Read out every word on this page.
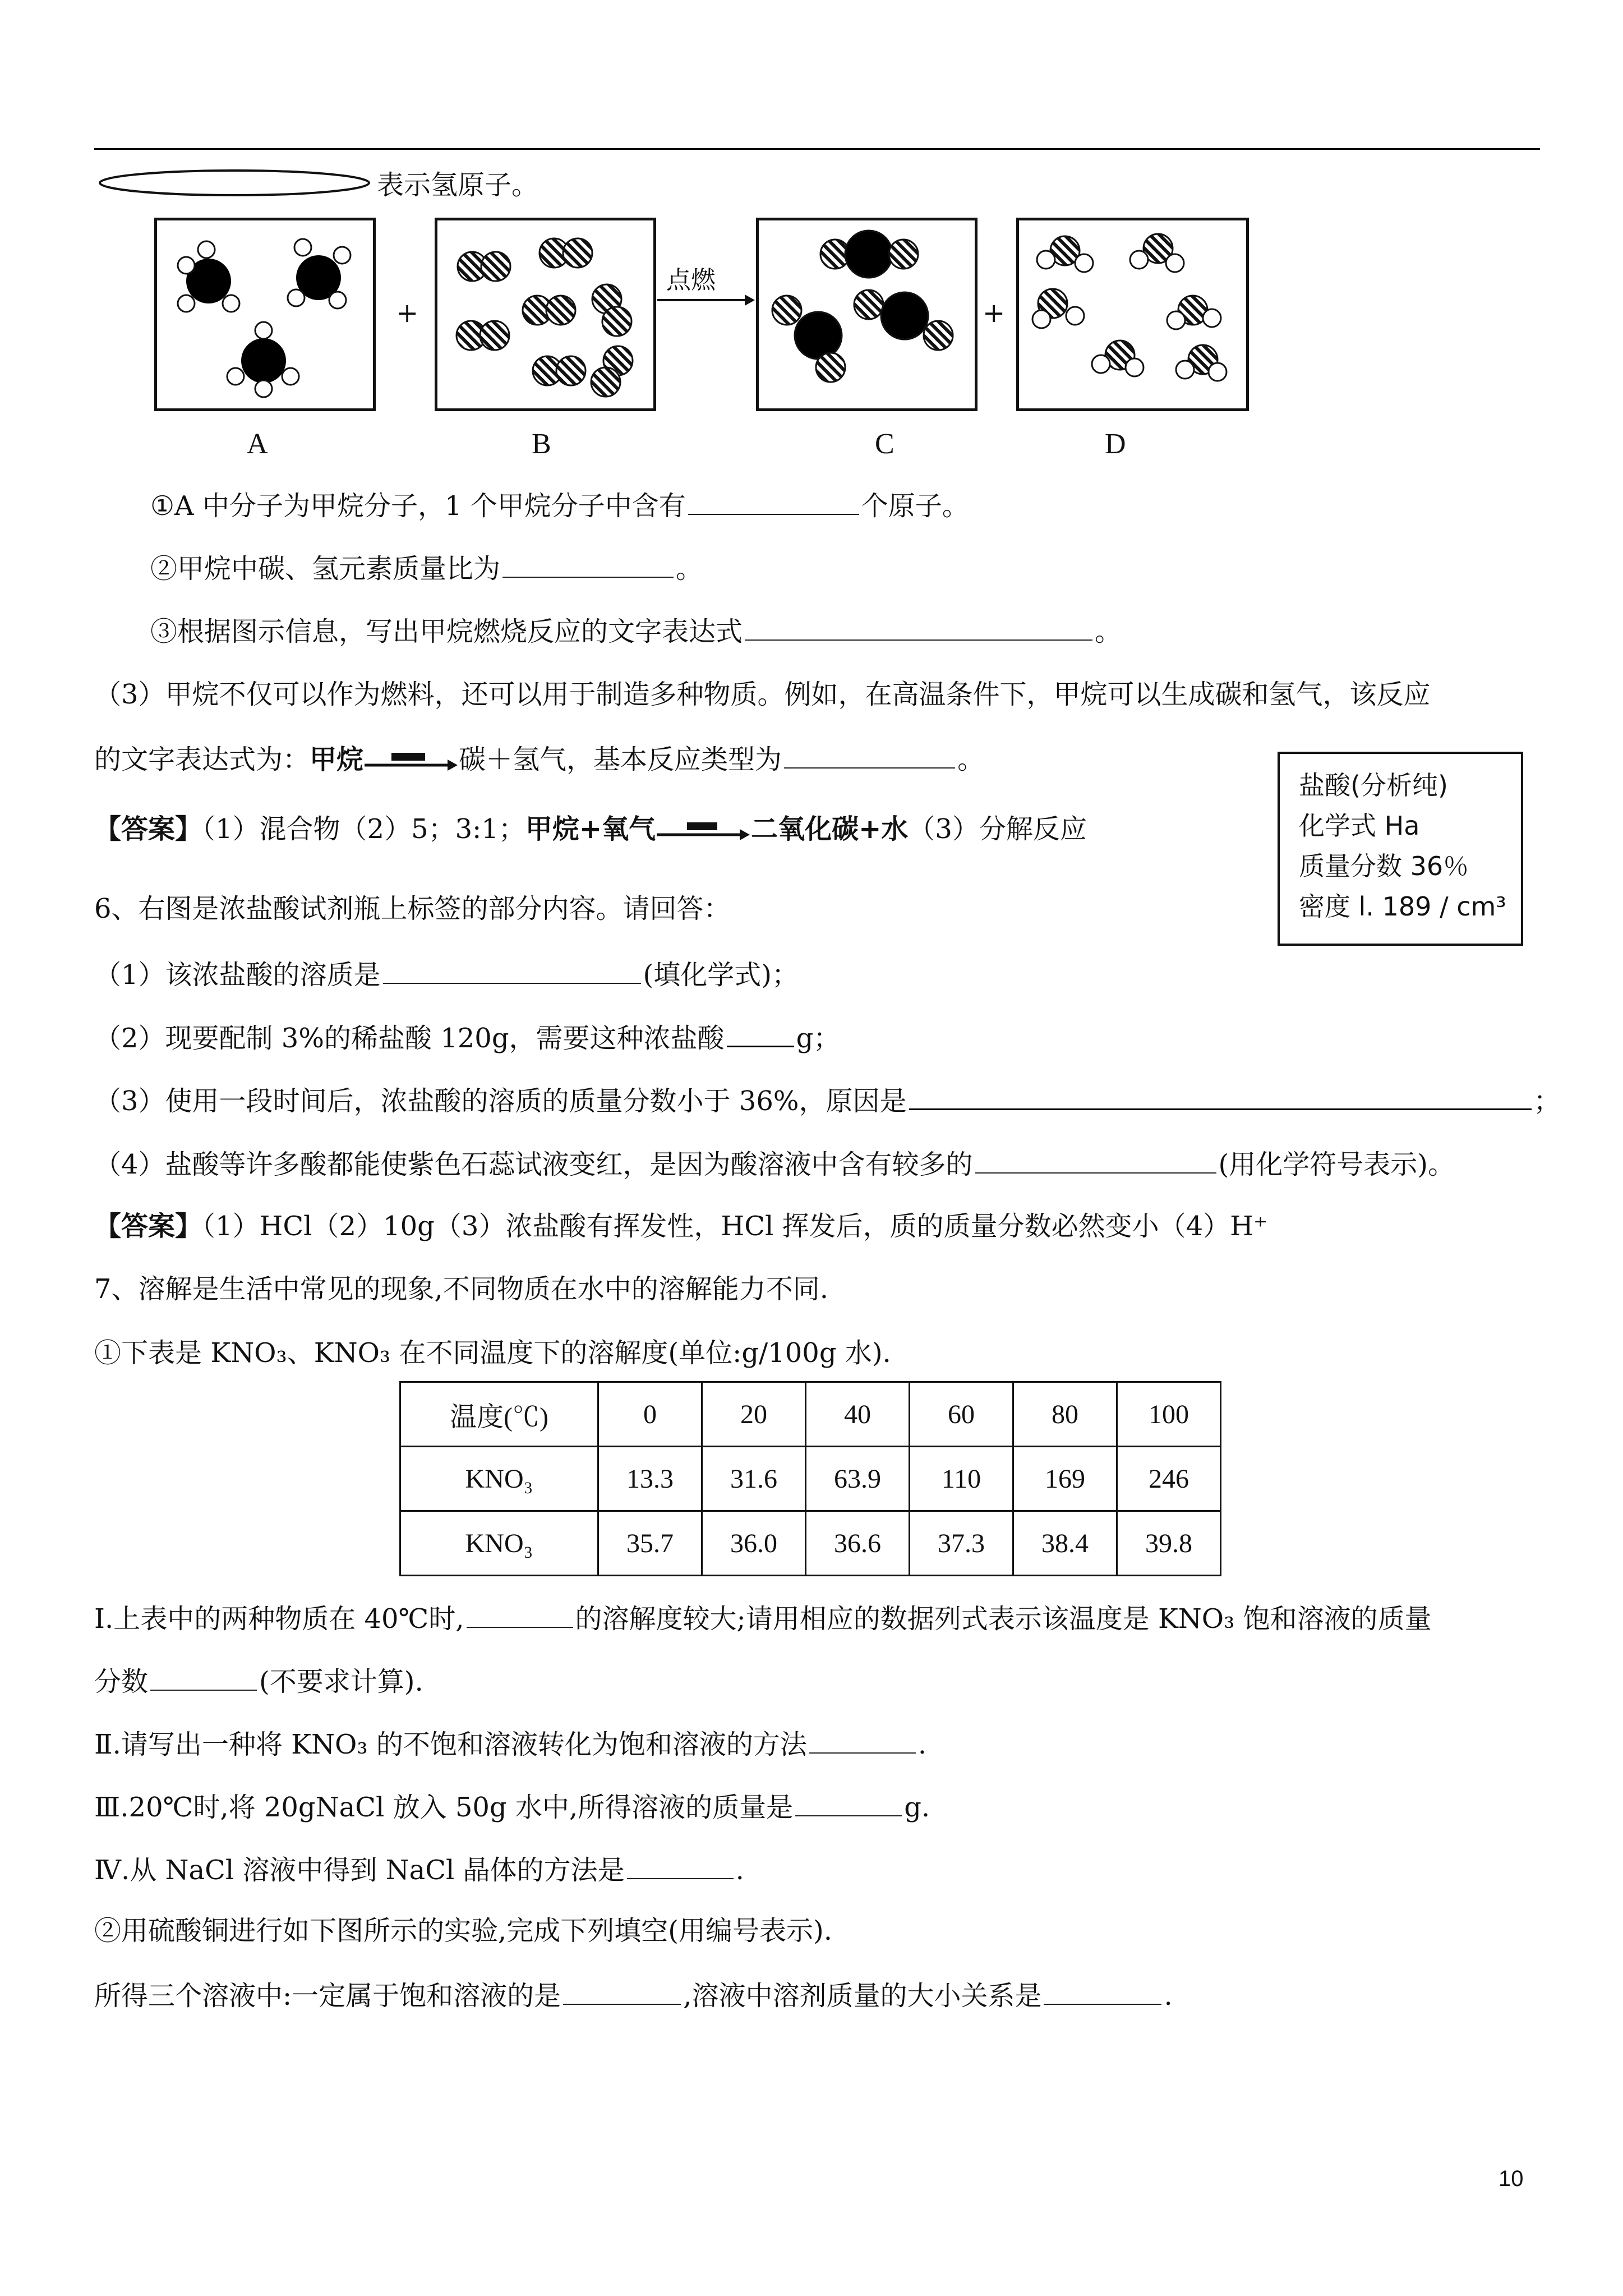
表示氢原子。
+
点燃
+
A	B	C	D
①A 中分子为甲烷分子，1 个甲烷分子中含有	个原子。
②甲烷中碳、氢元素质量比为	。
③根据图示信息，写出甲烷燃烧反应的文字表达式	。
（3）甲烷不仅可以作为燃料，还可以用于制造多种物质。例如，在高温条件下，甲烷可以生成碳和氢气，该反应
的文字表达式为：甲烷	碳＋氢气，基本反应类型为	。
【答案】（1）混合物（2）5；3:1；甲烷+氧气	二氧化碳+水（3）分解反应
盐酸(分析纯)
化学式 Ha
质量分数 36％
密度 l. 189 / cm³
6、右图是浓盐酸试剂瓶上标签的部分内容。请回答：
（1）该浓盐酸的溶质是	(填化学式)；
（2）现要配制 3%的稀盐酸 120g，需要这种浓盐酸	g；
（3）使用一段时间后，浓盐酸的溶质的质量分数小于 36%，原因是	；
（4）盐酸等许多酸都能使紫色石蕊试液变红，是因为酸溶液中含有较多的	(用化学符号表示)。
【答案】（1）HCl（2）10g（3）浓盐酸有挥发性，HCl 挥发后，质的质量分数必然变小（4）H⁺
7、溶解是生活中常见的现象,不同物质在水中的溶解能力不同.
①下表是 KNO₃、KNO₃ 在不同温度下的溶解度(单位:g/100g 水).
温度(℃)	0	20	40	60	80	100
KNO₃	13.3	31.6	63.9	110	169	246
KNO₃	35.7	36.0	36.6	37.3	38.4	39.8
Ⅰ.上表中的两种物质在 40℃时,	的溶解度较大;请用相应的数据列式表示该温度是 KNO₃ 饱和溶液的质量
分数	(不要求计算).
Ⅱ.请写出一种将 KNO₃ 的不饱和溶液转化为饱和溶液的方法	.
Ⅲ.20℃时,将 20gNaCl 放入 50g 水中,所得溶液的质量是	g.
Ⅳ.从 NaCl 溶液中得到 NaCl 晶体的方法是	.
②用硫酸铜进行如下图所示的实验,完成下列填空(用编号表示).
所得三个溶液中:一定属于饱和溶液的是	,溶液中溶剂质量的大小关系是	.
10
